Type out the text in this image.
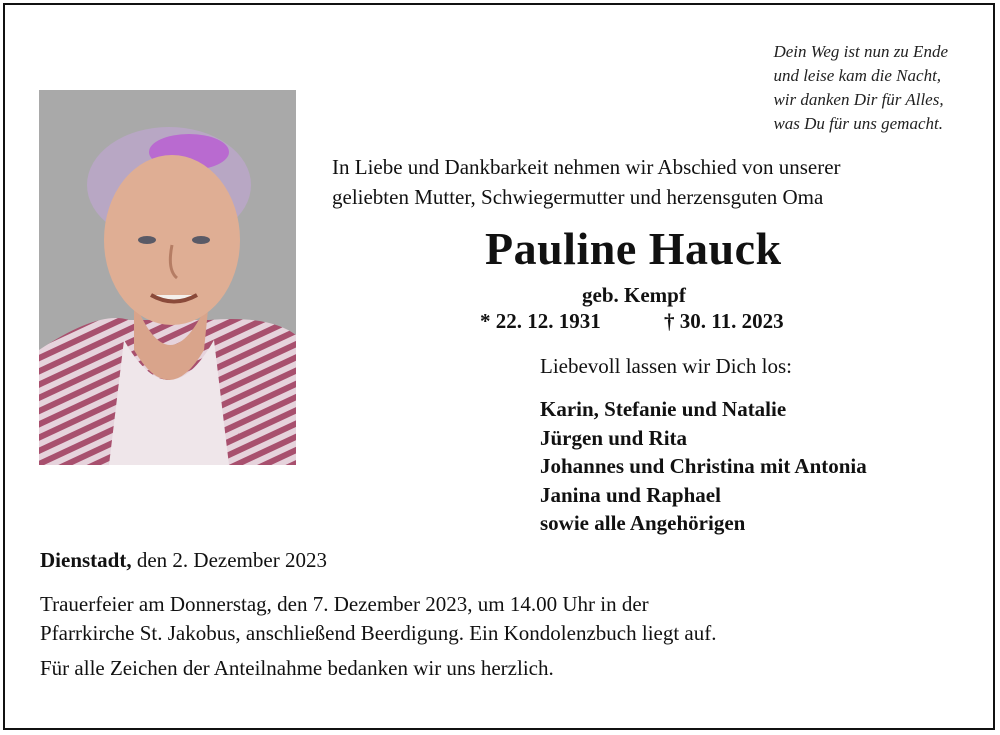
Dein Weg ist nun zu Ende
und leise kam die Nacht,
wir danken Dir für Alles,
was Du für uns gemacht.
In Liebe und Dankbarkeit nehmen wir Abschied von unserer
geliebten Mutter, Schwiegermutter und herzensguten Oma
Pauline Hauck
geb. Kempf
* 22. 12. 1931	† 30. 11. 2023
Liebevoll lassen wir Dich los:
Karin, Stefanie und Natalie
Jürgen und Rita
Johannes und Christina mit Antonia
Janina und Raphael
sowie alle Angehörigen
Dienstadt, den 2. Dezember 2023
Trauerfeier am Donnerstag, den 7. Dezember 2023, um 14.00 Uhr in der
Pfarrkirche St. Jakobus, anschließend Beerdigung. Ein Kondolenzbuch liegt auf.
Für alle Zeichen der Anteilnahme bedanken wir uns herzlich.
